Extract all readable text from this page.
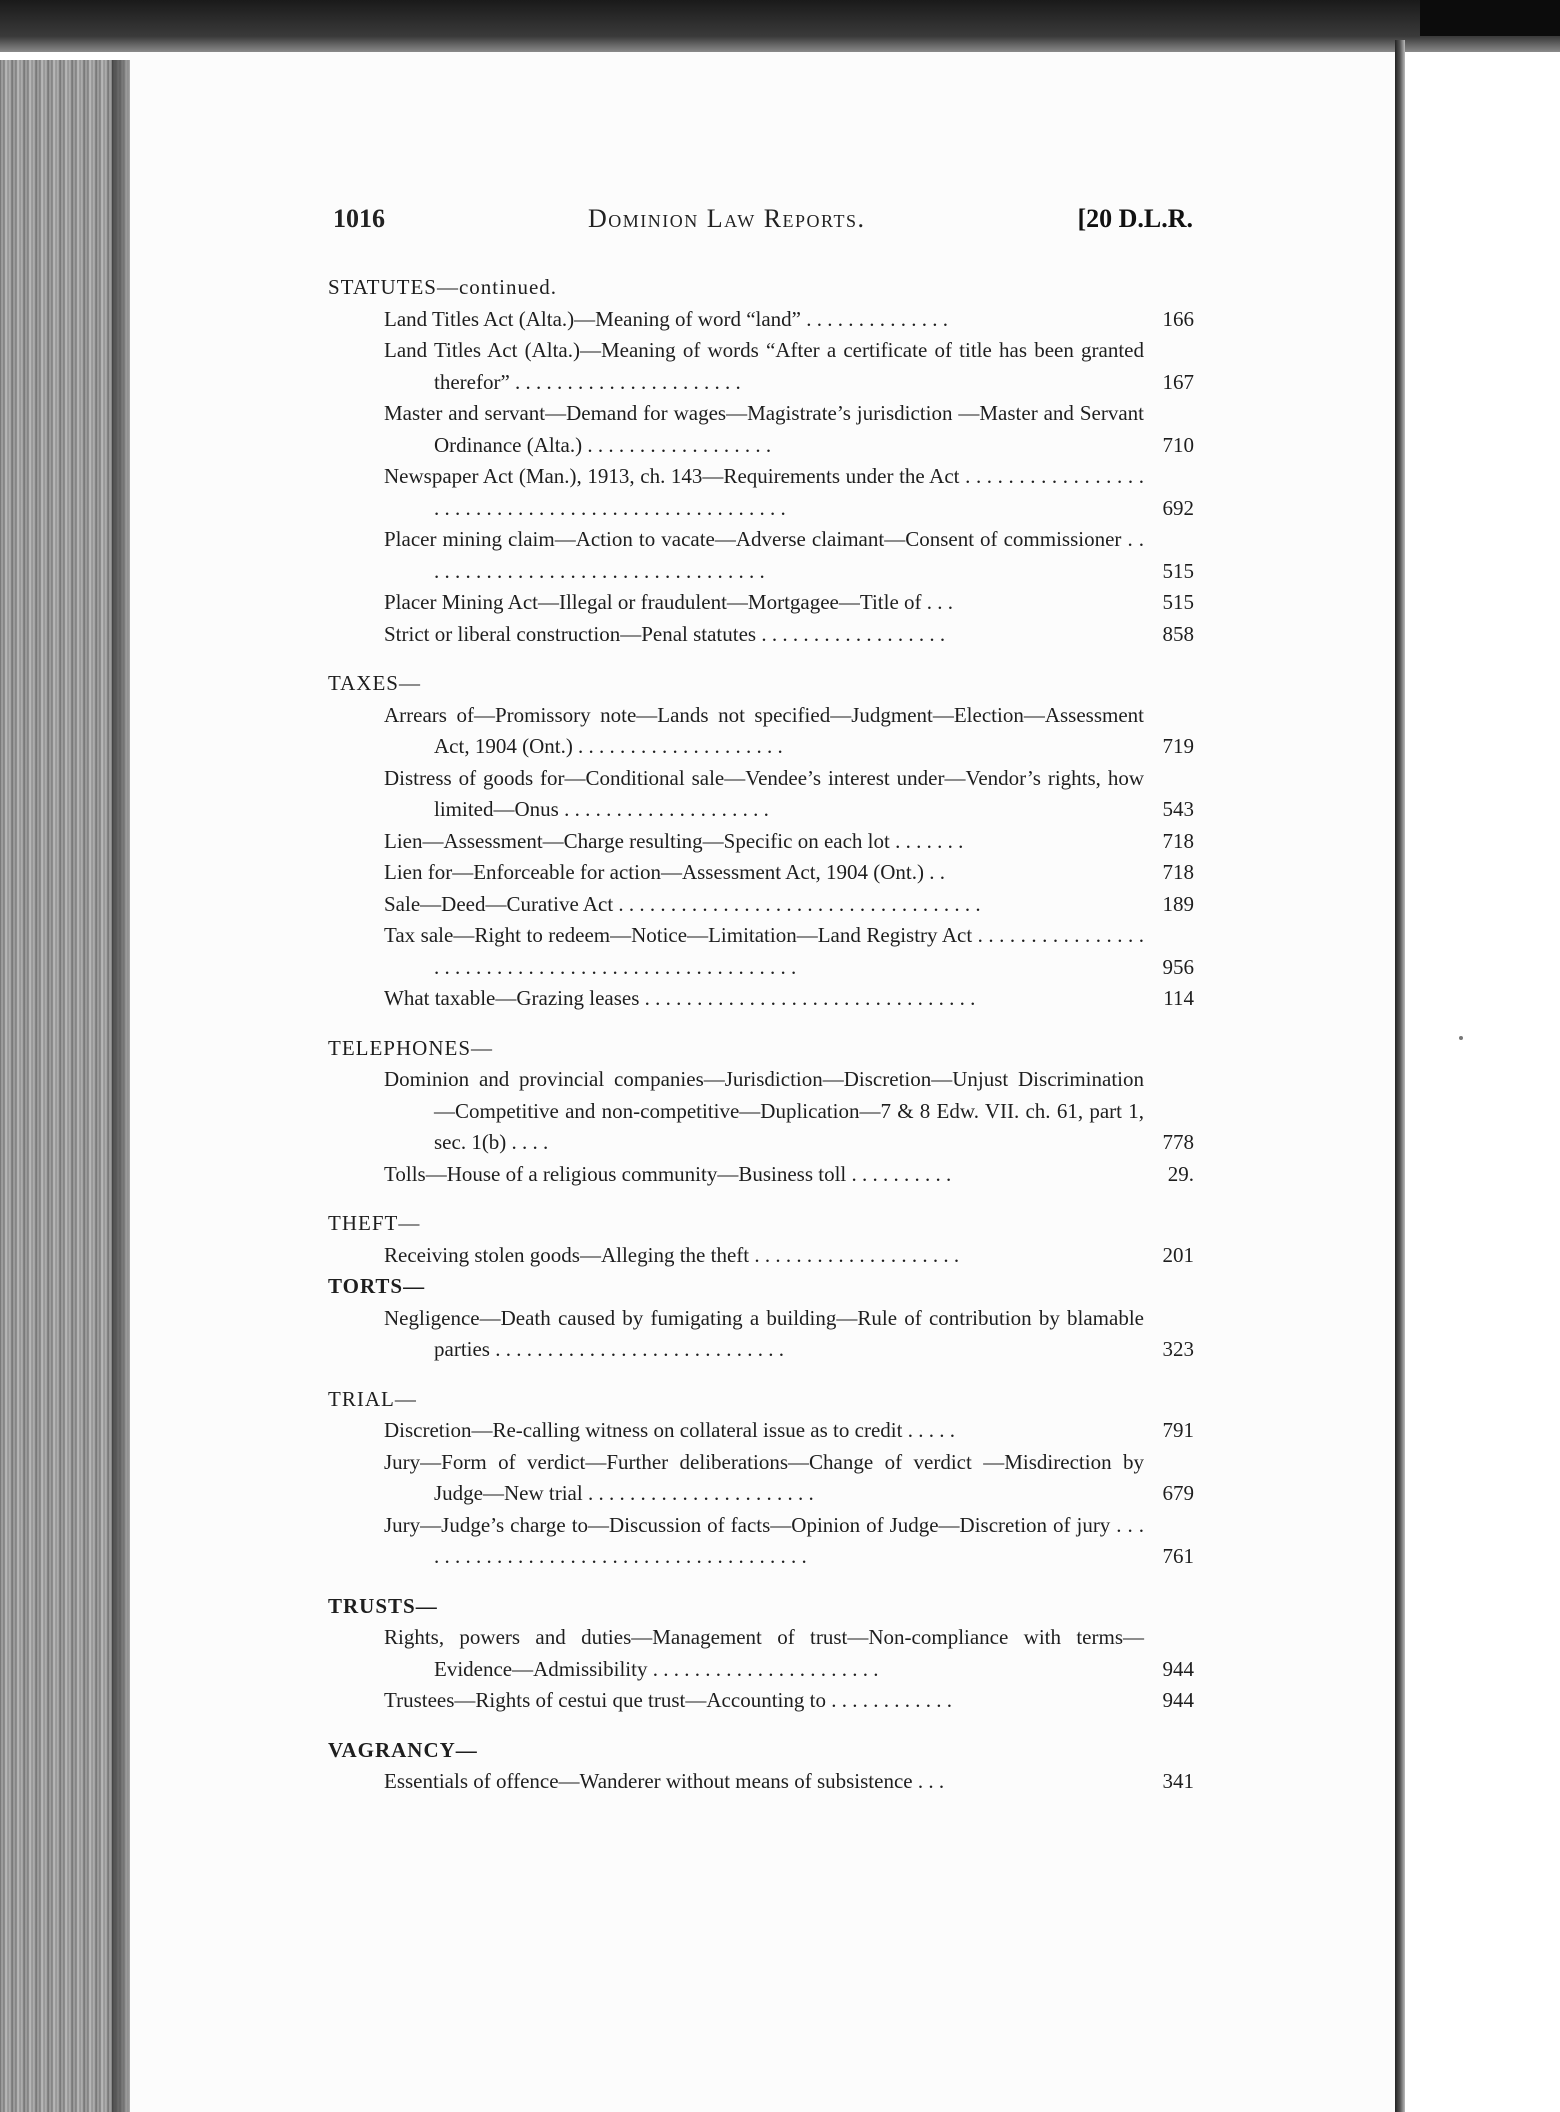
1016	Dominion Law Reports.	[20 D.L.R.
STATUTES—continued.
Land Titles Act (Alta.)—Meaning of word “land” . . . . . . . . . . . . . .	166
Land Titles Act (Alta.)—Meaning of words “After a certificate of title has been granted therefor” . . . . . . . . . . . . . . . . . . . . . .	167
Master and servant—Demand for wages—Magistrate’s jurisdiction —Master and Servant Ordinance (Alta.) . . . . . . . . . . . . . . . . . .	710
Newspaper Act (Man.), 1913, ch. 143—Requirements under the Act . . . . . . . . . . . . . . . . . . . . . . . . . . . . . . . . . . . . . . . . . . . . . . . . . . .	692
Placer mining claim—Action to vacate—Adverse claimant—Consent of commissioner . . . . . . . . . . . . . . . . . . . . . . . . . . . . . . . . . .	515
Placer Mining Act—Illegal or fraudulent—Mortgagee—Title of . . .	515
Strict or liberal construction—Penal statutes . . . . . . . . . . . . . . . . . .	858
TAXES—
Arrears of—Promissory note—Lands not specified—Judgment—Election—Assessment Act, 1904 (Ont.) . . . . . . . . . . . . . . . . . . . .	719
Distress of goods for—Conditional sale—Vendee’s interest under—Vendor’s rights, how limited—Onus . . . . . . . . . . . . . . . . . . . .	543
Lien—Assessment—Charge resulting—Specific on each lot . . . . . . .	718
Lien for—Enforceable for action—Assessment Act, 1904 (Ont.) . .	718
Sale—Deed—Curative Act . . . . . . . . . . . . . . . . . . . . . . . . . . . . . . . . . . .	189
Tax sale—Right to redeem—Notice—Limitation—Land Registry Act . . . . . . . . . . . . . . . . . . . . . . . . . . . . . . . . . . . . . . . . . . . . . . . . . . .	956
What taxable—Grazing leases . . . . . . . . . . . . . . . . . . . . . . . . . . . . . . . .	114
TELEPHONES—
Dominion and provincial companies—Jurisdiction—Discretion—Unjust Discrimination—Competitive and non-competitive—Duplication—7 & 8 Edw. VII. ch. 61, part 1, sec. 1(b) . . . .	778
Tolls—House of a religious community—Business toll . . . . . . . . . .	29.
THEFT—
Receiving stolen goods—Alleging the theft . . . . . . . . . . . . . . . . . . . .	201
TORTS—
Negligence—Death caused by fumigating a building—Rule of contribution by blamable parties . . . . . . . . . . . . . . . . . . . . . . . . . . . .	323
TRIAL—
Discretion—Re-calling witness on collateral issue as to credit . . . . .	791
Jury—Form of verdict—Further deliberations—Change of verdict —Misdirection by Judge—New trial . . . . . . . . . . . . . . . . . . . . . .	679
Jury—Judge’s charge to—Discussion of facts—Opinion of Judge—Discretion of jury . . . . . . . . . . . . . . . . . . . . . . . . . . . . . . . . . . . . . . .	761
TRUSTS—
Rights, powers and duties—Management of trust—Non-compliance with terms—Evidence—Admissibility . . . . . . . . . . . . . . . . . . . . . .	944
Trustees—Rights of cestui que trust—Accounting to . . . . . . . . . . . .	944
VAGRANCY—
Essentials of offence—Wanderer without means of subsistence . . .	341
